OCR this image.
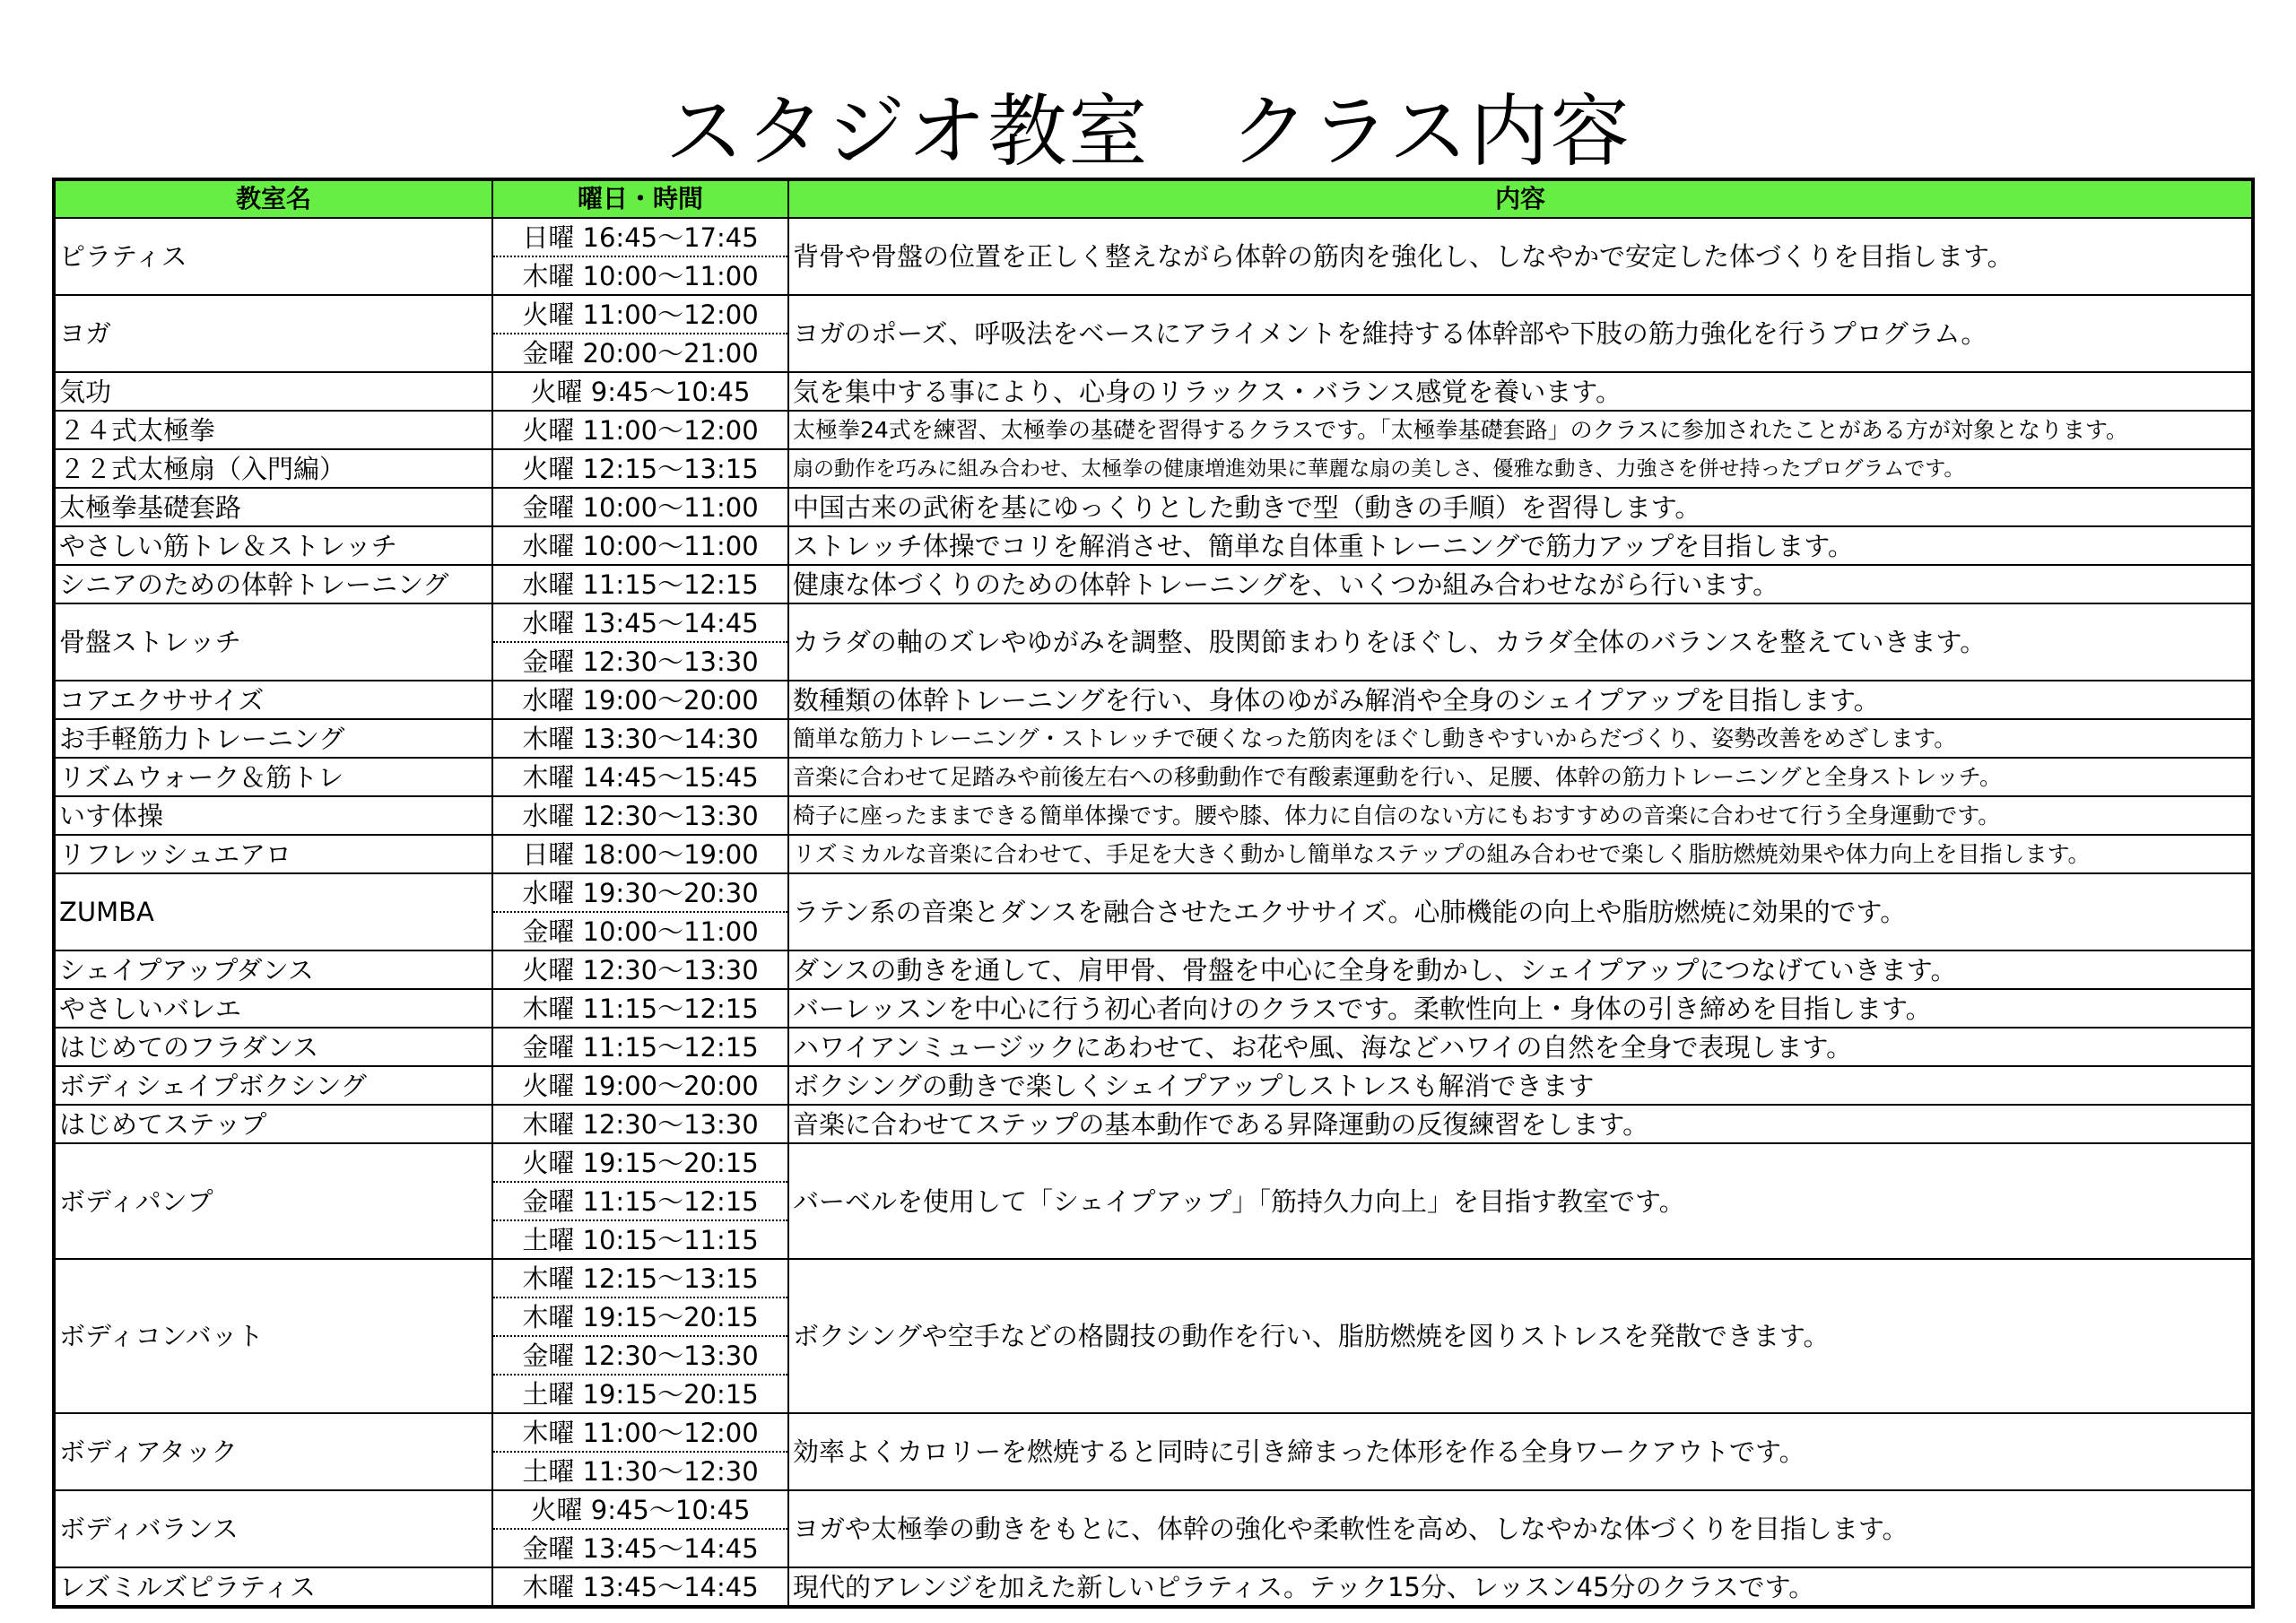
スタジオ教室　クラス内容
教室名	曜日・時間	内容
ピラティス	日曜 16:45～17:45	背骨や骨盤の位置を正しく整えながら体幹の筋肉を強化し、しなやかで安定した体づくりを目指します。
	木曜 10:00～11:00	
ヨガ	火曜 11:00～12:00	ヨガのポーズ、呼吸法をベースにアライメントを維持する体幹部や下肢の筋力強化を行うプログラム。
	金曜 20:00～21:00	
気功	火曜 9:45～10:45	気を集中する事により、心身のリラックス・バランス感覚を養います。
２４式太極拳	火曜 11:00～12:00	太極拳24式を練習、太極拳の基礎を習得するクラスです。「太極拳基礎套路」のクラスに参加されたことがある方が対象となります。
２２式太極扇（入門編）	火曜 12:15～13:15	扇の動作を巧みに組み合わせ、太極拳の健康増進効果に華麗な扇の美しさ、優雅な動き、力強さを併せ持ったプログラムです。
太極拳基礎套路	金曜 10:00～11:00	中国古来の武術を基にゆっくりとした動きで型（動きの手順）を習得します。
やさしい筋トレ＆ストレッチ	水曜 10:00～11:00	ストレッチ体操でコリを解消させ、簡単な自体重トレーニングで筋力アップを目指します。
シニアのための体幹トレーニング	水曜 11:15～12:15	健康な体づくりのための体幹トレーニングを、いくつか組み合わせながら行います。
骨盤ストレッチ	水曜 13:45～14:45	カラダの軸のズレやゆがみを調整、股関節まわりをほぐし、カラダ全体のバランスを整えていきます。
	金曜 12:30～13:30	
コアエクササイズ	水曜 19:00～20:00	数種類の体幹トレーニングを行い、身体のゆがみ解消や全身のシェイプアップを目指します。
お手軽筋力トレーニング	木曜 13:30～14:30	簡単な筋力トレーニング・ストレッチで硬くなった筋肉をほぐし動きやすいからだづくり、姿勢改善をめざします。
リズムウォーク＆筋トレ	木曜 14:45～15:45	音楽に合わせて足踏みや前後左右への移動動作で有酸素運動を行い、足腰、体幹の筋力トレーニングと全身ストレッチ。
いす体操	水曜 12:30～13:30	椅子に座ったままできる簡単体操です。腰や膝、体力に自信のない方にもおすすめの音楽に合わせて行う全身運動です。
リフレッシュエアロ	日曜 18:00～19:00	リズミカルな音楽に合わせて、手足を大きく動かし簡単なステップの組み合わせで楽しく脂肪燃焼効果や体力向上を目指します。
ZUMBA	水曜 19:30～20:30	ラテン系の音楽とダンスを融合させたエクササイズ。心肺機能の向上や脂肪燃焼に効果的です。
	金曜 10:00～11:00	
シェイプアップダンス	火曜 12:30～13:30	ダンスの動きを通して、肩甲骨、骨盤を中心に全身を動かし、シェイプアップにつなげていきます。
やさしいバレエ	木曜 11:15～12:15	バーレッスンを中心に行う初心者向けのクラスです。柔軟性向上・身体の引き締めを目指します。
はじめてのフラダンス	金曜 11:15～12:15	ハワイアンミュージックにあわせて、お花や風、海などハワイの自然を全身で表現します。
ボディシェイプボクシング	火曜 19:00～20:00	ボクシングの動きで楽しくシェイプアップしストレスも解消できます
はじめてステップ	木曜 12:30～13:30	音楽に合わせてステップの基本動作である昇降運動の反復練習をします。
ボディパンプ	火曜 19:15～20:15	バーベルを使用して「シェイプアップ」「筋持久力向上」を目指す教室です。
	金曜 11:15～12:15	
	土曜 10:15～11:15	
ボディコンバット	木曜 12:15～13:15	ボクシングや空手などの格闘技の動作を行い、脂肪燃焼を図りストレスを発散できます。
	木曜 19:15～20:15	
	金曜 12:30～13:30	
	土曜 19:15～20:15	
ボディアタック	木曜 11:00～12:00	効率よくカロリーを燃焼すると同時に引き締まった体形を作る全身ワークアウトです。
	土曜 11:30～12:30	
ボディバランス	火曜 9:45～10:45	ヨガや太極拳の動きをもとに、体幹の強化や柔軟性を高め、しなやかな体づくりを目指します。
	金曜 13:45～14:45	
レズミルズピラティス	木曜 13:45～14:45	現代的アレンジを加えた新しいピラティス。テック15分、レッスン45分のクラスです。
